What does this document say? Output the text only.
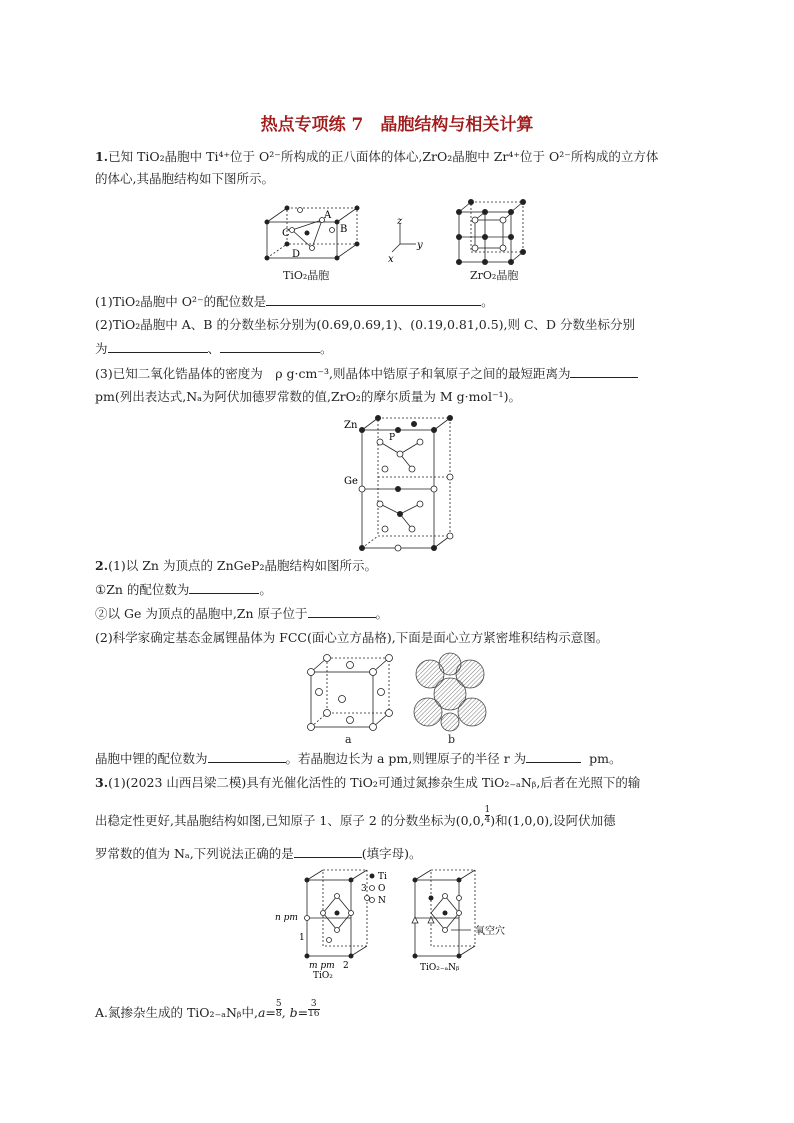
热点专项练 7　晶胞结构与相关计算
1.已知 TiO₂晶胞中 Ti⁴⁺位于 O²⁻所构成的正八面体的体心,ZrO₂晶胞中 Zr⁴⁺位于 O²⁻所构成的立方体
的体心,其晶胞结构如下图所示。
A
B
C
D
TiO₂晶胞
z
y
x
ZrO₂晶胞
(1)TiO₂晶胞中 O²⁻的配位数是	。
(2)TiO₂晶胞中 A、B 的分数坐标分别为(0.69,0.69,1)、(0.19,0.81,0.5),则 C、D 分数坐标分别
为	、	。
(3)已知二氧化锆晶体的密度为　ρ g·cm⁻³,则晶体中锆原子和氧原子之间的最短距离为
pm(列出表达式,Nₐ为阿伏加德罗常数的值,ZrO₂的摩尔质量为 M g·mol⁻¹)。
Zn
P
Ge
2.(1)以 Zn 为顶点的 ZnGeP₂晶胞结构如图所示。
①Zn 的配位数为	。
②以 Ge 为顶点的晶胞中,Zn 原子位于	。
(2)科学家确定基态金属锂晶体为 FCC(面心立方晶格),下面是面心立方紧密堆积结构示意图。
a	b
晶胞中锂的配位数为	。若晶胞边长为 a pm,则锂原子的半径 r 为	pm。
3.(1)(2023 山西吕梁二模)具有光催化活性的 TiO₂可通过氮掺杂生成 TiO₂₋ₐNᵦ,后者在光照下的输
出稳定性更好,其晶胞结构如图,已知原子 1、原子 2 的分数坐标为(0,0, $\frac{1}{4}$ )和(1,0,0),设阿伏加德
罗常数的值为 Nₐ,下列说法正确的是	(填字母)。
Ti
O
N
3
n pm
1
m pm 2
TiO₂
TiO₂₋ₐNᵦ
氧空穴
A.氮掺杂生成的 TiO₂₋ₐNᵦ中$,a= \frac{5}{8}$ , $b= \frac{3}{16}$
